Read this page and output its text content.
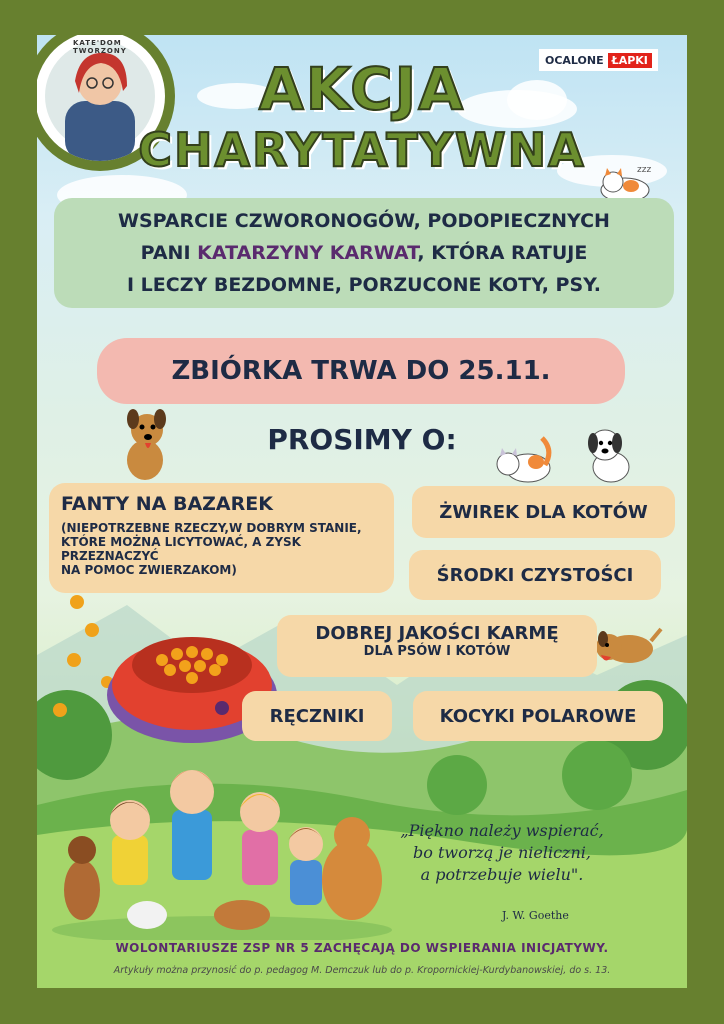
zzz
KATE'DOM TWORZONY
OCALONE ŁAPKI
AKCJA
CHARYTATYWNA
WSPARCIE CZWORONOGÓW, PODOPIECZNYCH
PANI KATARZYNY KARWAT, KTÓRA RATUJE
I LECZY BEZDOMNE, PORZUCONE KOTY, PSY.
ZBIÓRKA TRWA DO 25.11.
PROSIMY O:
FANTY NA BAZAREK
(NIEPOTRZEBNE RZECZY,W DOBRYM STANIE,
KTÓRE MOŻNA LICYTOWAĆ, A ZYSK PRZEZNACZYĆ
NA POMOC ZWIERZAKOM)
ŻWIREK DLA KOTÓW
ŚRODKI CZYSTOŚCI
DOBREJ JAKOŚCI KARMĘ
DLA PSÓW I KOTÓW
RĘCZNIKI	KOCYKI POLAROWE
„Piękno należy wspierać,
bo tworzą je nieliczni,
a potrzebuje wielu".
J. W. Goethe
WOLONTARIUSZE ZSP NR 5 ZACHĘCAJĄ DO WSPIERANIA INICJATYWY.
Artykuły można przynosić do p. pedagog M. Demczuk lub do p. Kropornickiej-Kurdybanowskiej, do s. 13.
